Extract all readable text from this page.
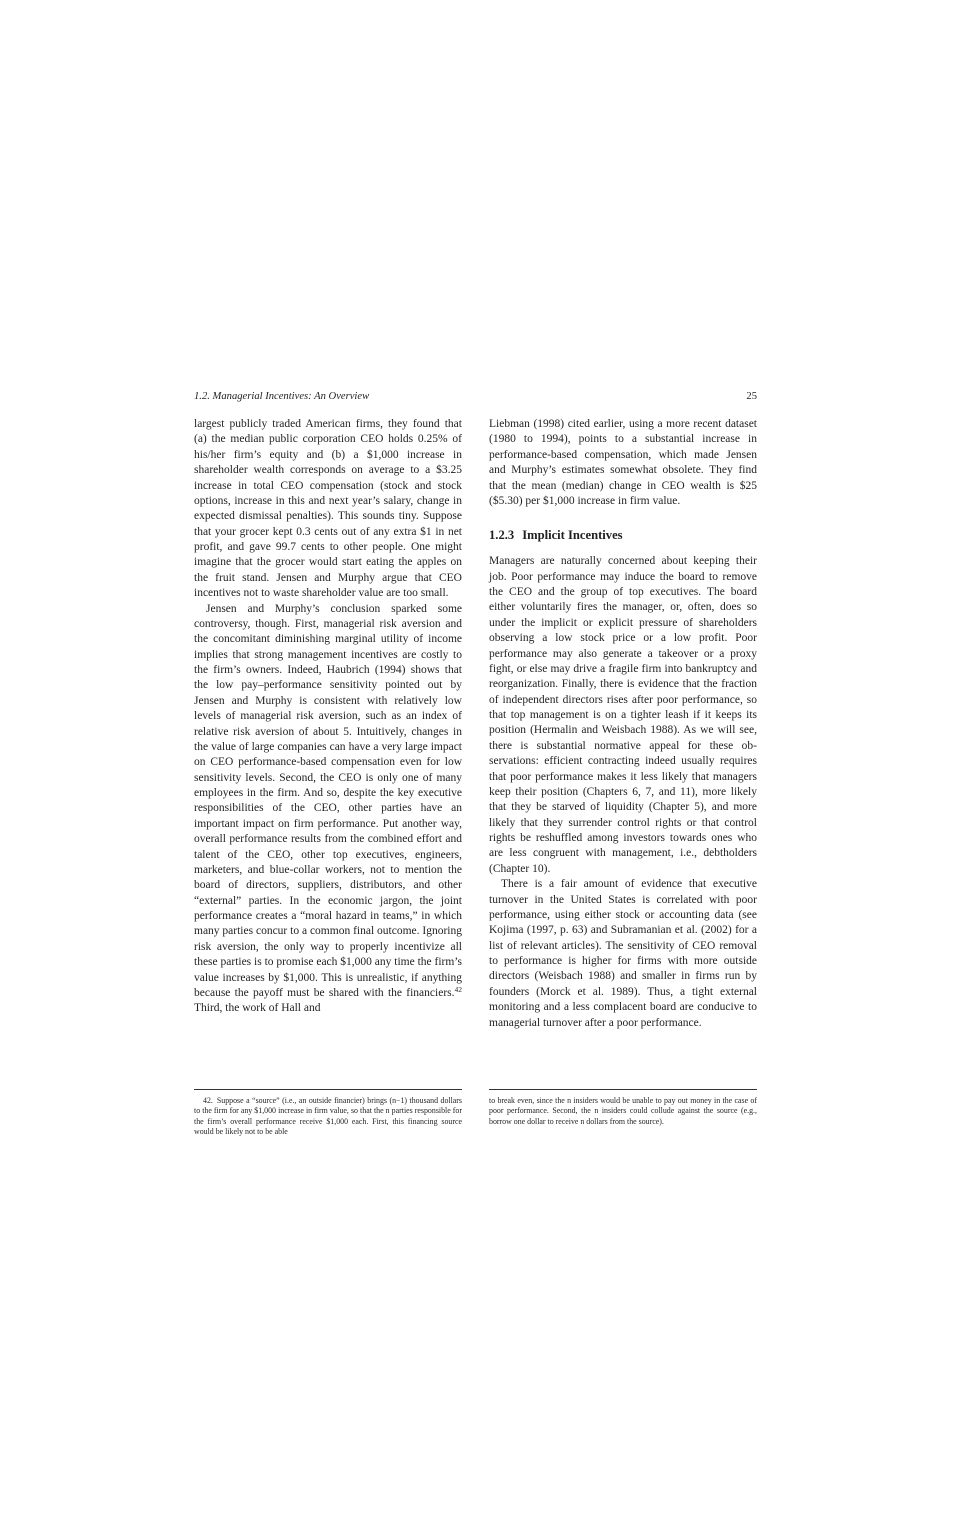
1.2. Managerial Incentives: An Overview	25

largest publicly traded American firms, they found that (a) the median public corporation CEO holds 0.25% of his/her firm’s equity and (b) a $1,000 increase in shareholder wealth corresponds on average to a $3.25 increase in total CEO compensation (stock and stock options, increase in this and next year’s salary, change in expected dismissal penalties). This sounds tiny. Suppose that your grocer kept 0.3 cents out of any extra $1 in net profit, and gave 99.7 cents to other people. One might imagine that the grocer would start eating the apples on the fruit stand. Jensen and Murphy argue that CEO incentives not to waste shareholder value are too small.

Jensen and Murphy’s conclusion sparked some controversy, though. First, managerial risk aversion and the concomitant diminishing marginal utility of income implies that strong management incentives are costly to the firm’s owners. Indeed, Haubrich (1994) shows that the low pay–performance sensitivity pointed out by Jensen and Murphy is consistent with relatively low levels of managerial risk aversion, such as an index of relative risk aversion of about 5. Intuitively, changes in the value of large companies can have a very large impact on CEO performance-based compensation even for low sensitivity levels. Second, the CEO is only one of many employees in the firm. And so, despite the key executive responsibilities of the CEO, other parties have an important impact on firm performance. Put another way, overall performance results from the combined effort and talent of the CEO, other top executives, engineers, marketers, and blue-collar workers, not to mention the board of directors, suppliers, distributors, and other “external” parties. In the economic jargon, the joint performance creates a “moral hazard in teams,” in which many parties concur to a common final outcome. Ignoring risk aversion, the only way to properly incentivize all these parties is to promise each $1,000 any time the firm’s value increases by $1,000. This is unrealistic, if anything because the payoff must be shared with the financiers.$^{42}$ Third, the work of Hall and

Liebman (1998) cited earlier, using a more recent dataset (1980 to 1994), points to a substantial increase in performance-based compensation, which made Jensen and Murphy’s estimates somewhat obsolete. They find that the mean (median) change in CEO wealth is $25 ($5.30) per $1,000 increase in firm value.

1.2.3 Implicit Incentives

Managers are naturally concerned about keeping their job. Poor performance may induce the board to remove the CEO and the group of top executives. The board either voluntarily fires the manager, or, often, does so under the implicit or explicit pressure of shareholders observing a low stock price or a low profit. Poor performance may also generate a takeover or a proxy fight, or else may drive a fragile firm into bankruptcy and reorganization. Finally, there is evidence that the fraction of independent directors rises after poor performance, so that top management is on a tighter leash if it keeps its position (Hermalin and Weisbach 1988). As we will see, there is substantial normative appeal for these observations: efficient contracting indeed usually requires that poor performance makes it less likely that managers keep their position (Chapters 6, 7, and 11), more likely that they be starved of liquidity (Chapter 5), and more likely that they surrender control rights or that control rights be reshuffled among investors towards ones who are less congruent with management, i.e., debtholders (Chapter 10).

There is a fair amount of evidence that executive turnover in the United States is correlated with poor performance, using either stock or accounting data (see Kojima (1997, p. 63) and Subramanian et al. (2002) for a list of relevant articles). The sensitivity of CEO removal to performance is higher for firms with more outside directors (Weisbach 1988) and smaller in firms run by founders (Morck et al. 1989). Thus, a tight external monitoring and a less complacent board are conducive to managerial turnover after a poor performance.

42. Suppose a “source” (i.e., an outside financier) brings (n−1) thousand dollars to the firm for any $1,000 increase in firm value, so that the n parties responsible for the firm’s overall performance receive $1,000 each. First, this financing source would be likely not to be able

to break even, since the n insiders would be unable to pay out money in the case of poor performance. Second, the n insiders could collude against the source (e.g., borrow one dollar to receive n dollars from the source).
